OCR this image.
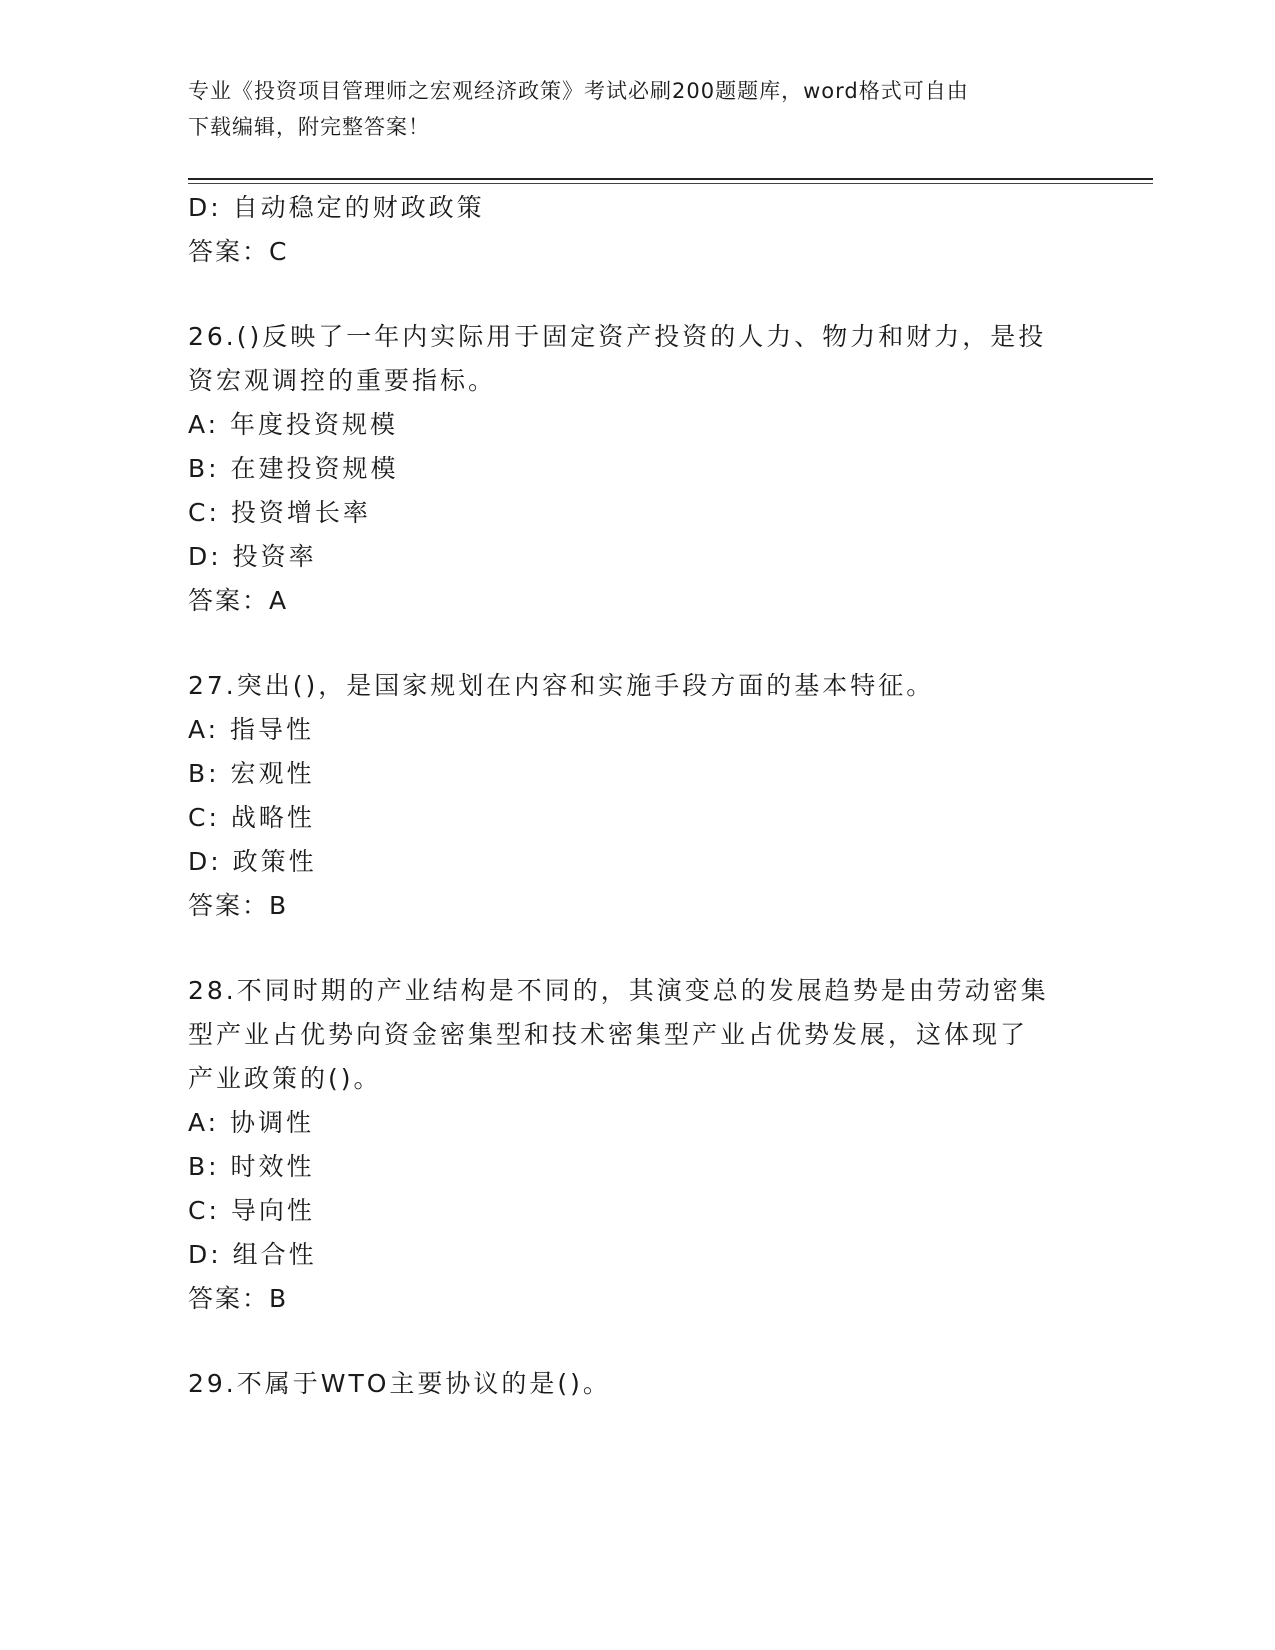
专业《投资项目管理师之宏观经济政策》考试必刷200题题库，word格式可自由
下载编辑，附完整答案！
D: 自动稳定的财政政策
答案：C
26.()反映了一年内实际用于固定资产投资的人力、物力和财力，是投
资宏观调控的重要指标。
A: 年度投资规模
B: 在建投资规模
C: 投资增长率
D: 投资率
答案：A
27.突出()，是国家规划在内容和实施手段方面的基本特征。
A: 指导性
B: 宏观性
C: 战略性
D: 政策性
答案：B
28.不同时期的产业结构是不同的，其演变总的发展趋势是由劳动密集
型产业占优势向资金密集型和技术密集型产业占优势发展，这体现了
产业政策的()。
A: 协调性
B: 时效性
C: 导向性
D: 组合性
答案：B
29.不属于WTO主要协议的是()。
